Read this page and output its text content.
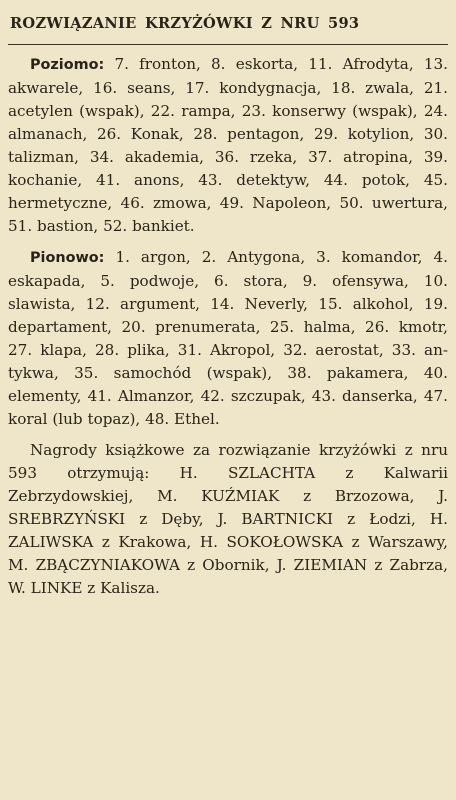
ROZWIĄZANIE KRZYŻÓWKI Z NRU 593

Poziomo: 7. fronton, 8. eskorta, 11. Afrodyta, 13. akwarele, 16. seans, 17. kondygnacja, 18. zwala, 21. acetylen (wspak), 22. rampa, 23. konserwy (wspak), 24. almanach, 26. Konak, 28. pentagon, 29. kotylion, 30. talizman, 34. akademia, 36. rzeka, 37. atropina, 39. kochanie, 41. anons, 43. detektyw, 44. potok, 45. hermetyczne, 46. zmowa, 49. Napoleon, 50. uwertura, 51. bastion, 52. bankiet.

Pionowo: 1. argon, 2. Antygona, 3. komandor, 4. eskapada, 5. podwoje, 6. stora, 9. ofensywa, 10. slawista, 12. argument, 14. Neverly, 15. alkohol, 19. departament, 20. prenumerata, 25. halma, 26. kmotr, 27. klapa, 28. plika, 31. Akropol, 32. aerostat, 33. antykwa, 35. samochód (wspak), 38. pakamera, 40. elementy, 41. Almanzor, 42. szczupak, 43. danserka, 47. koral (lub topaz), 48. Ethel.

Nagrody książkowe za rozwiązanie krzyżówki z nru 593 otrzymują: H. SZLACHTA z Kalwarii Zebrzydowskiej, M. KUŹMIAK z Brzozowa, J. SREBRZYŃSKI z Dęby, J. BARTNICKI z Łodzi, H. ZALIWSKA z Krakowa, H. SOKOŁOWSKA z Warszawy, M. ZBĄCZYNIAKOWA z Obornik, J. ZIEMIAN z Zabrza, W. LINKE z Kalisza.
